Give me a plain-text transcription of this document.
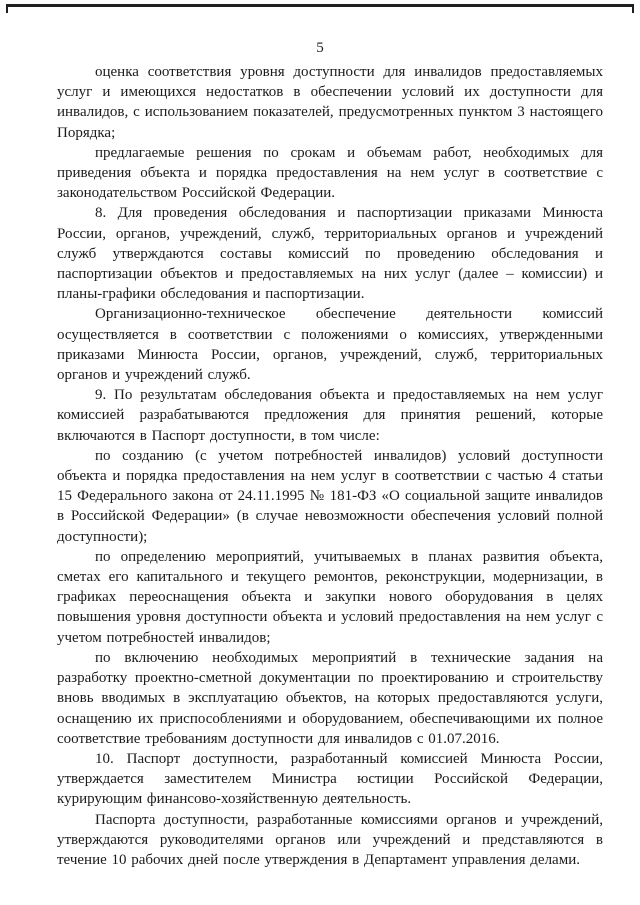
5

оценка соответствия уровня доступности для инвалидов предоставляемых услуг и имеющихся недостатков в обеспечении условий их доступности для инвалидов, с использованием показателей, предусмотренных пунктом 3 настоящего Порядка;

предлагаемые решения по срокам и объемам работ, необходимых для приведения объекта и порядка предоставления на нем услуг в соответствие с законодательством Российской Федерации.

8. Для проведения обследования и паспортизации приказами Минюста России, органов, учреждений, служб, территориальных органов и учреждений служб утверждаются составы комиссий по проведению обследования и паспортизации объектов и предоставляемых на них услуг (далее – комиссии) и планы-графики обследования и паспортизации.

Организационно-техническое обеспечение деятельности комиссий осуществляется в соответствии с положениями о комиссиях, утвержденными приказами Минюста России, органов, учреждений, служб, территориальных органов и учреждений служб.

9. По результатам обследования объекта и предоставляемых на нем услуг комиссией разрабатываются предложения для принятия решений, которые включаются в Паспорт доступности, в том числе:

по созданию (с учетом потребностей инвалидов) условий доступности объекта и порядка предоставления на нем услуг в соответствии с частью 4 статьи 15 Федерального закона от 24.11.1995 № 181-ФЗ «О социальной защите инвалидов в Российской Федерации» (в случае невозможности обеспечения условий полной доступности);

по определению мероприятий, учитываемых в планах развития объекта, сметах его капитального и текущего ремонтов, реконструкции, модернизации, в графиках переоснащения объекта и закупки нового оборудования в целях повышения уровня доступности объекта и условий предоставления на нем услуг с учетом потребностей инвалидов;

по включению необходимых мероприятий в технические задания на разработку проектно-сметной документации по проектированию и строительству вновь вводимых в эксплуатацию объектов, на которых предоставляются услуги, оснащению их приспособлениями и оборудованием, обеспечивающими их полное соответствие требованиям доступности для инвалидов с 01.07.2016.

10. Паспорт доступности, разработанный комиссией Минюста России, утверждается заместителем Министра юстиции Российской Федерации, курирующим финансово-хозяйственную деятельность.

Паспорта доступности, разработанные комиссиями органов и учреждений, утверждаются руководителями органов или учреждений и представляются в течение 10 рабочих дней после утверждения в Департамент управления делами.
